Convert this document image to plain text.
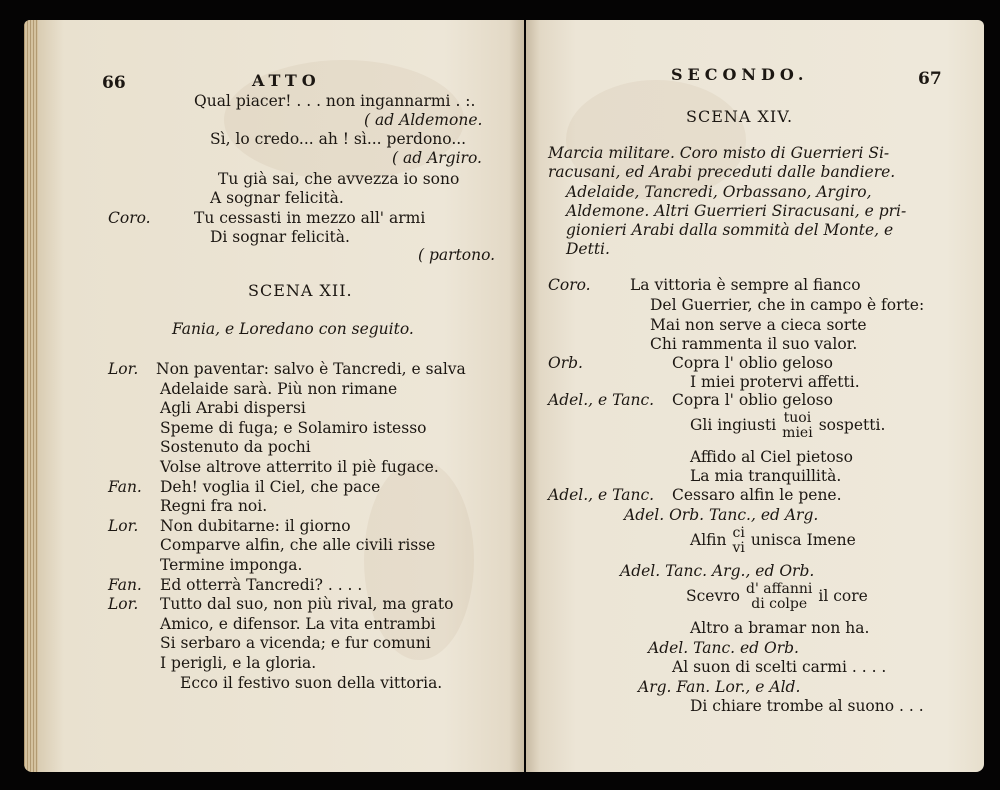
66	ATTO
Qual piacer! . . . non ingannarmi . :.
( ad Aldemone.
Sì, lo credo... ah ! sì... perdono...
( ad Argiro.
Tu già sai, che avvezza io sono
A sognar felicità.
Coro.	Tu cessasti in mezzo all' armi
Di sognar felicità.
( partono.
SCENA XII.
Fania, e Loredano con seguito.
Lor. Non paventar: salvo è Tancredi, e salva
Adelaide sarà. Più non rimane
Agli Arabi dispersi
Speme di fuga; e Solamiro istesso
Sostenuto da pochi
Volse altrove atterrito il piè fugace.
Fan. Deh! voglia il Ciel, che pace
Regni fra noi.
Lor. Non dubitarne: il giorno
Comparve alfin, che alle civili risse
Termine imponga.
Fan. Ed otterrà Tancredi? . . . .
Lor. Tutto dal suo, non più rival, ma grato
Amico, e difensor. La vita entrambi
Si serbaro a vicenda; e fur comuni
I perigli, e la gloria.
Ecco il festivo suon della vittoria.
SECONDO.	67
SCENA XIV.
Marcia militare. Coro misto di Guerrieri Si-
racusani, ed Arabi preceduti dalle bandiere.
Adelaide, Tancredi, Orbassano, Argiro,
Aldemone. Altri Guerrieri Siracusani, e pri-
gionieri Arabi dalla sommità del Monte, e
Detti.
Coro.	La vittoria è sempre al fianco
Del Guerrier, che in campo è forte:
Mai non serve a cieca sorte
Chi rammenta il suo valor.
Orb.	Copra l' oblio geloso
I miei protervi affetti.
Adel., e Tanc. Copra l' oblio geloso
Gli ingiusti tuoi
miei sospetti.
Affido al Ciel pietoso
La mia tranquillità.
Adel., e Tanc. Cessaro alfin le pene.
Adel. Orb. Tanc., ed Arg.
Alfin ci
vi unisca Imene
Adel. Tanc. Arg., ed Orb.
Scevro d' affanni
di colpe il core
Altro a bramar non ha.
Adel. Tanc. ed Orb.
Al suon di scelti carmi . . . .
Arg. Fan. Lor., e Ald.
Di chiare trombe al suono . . .
